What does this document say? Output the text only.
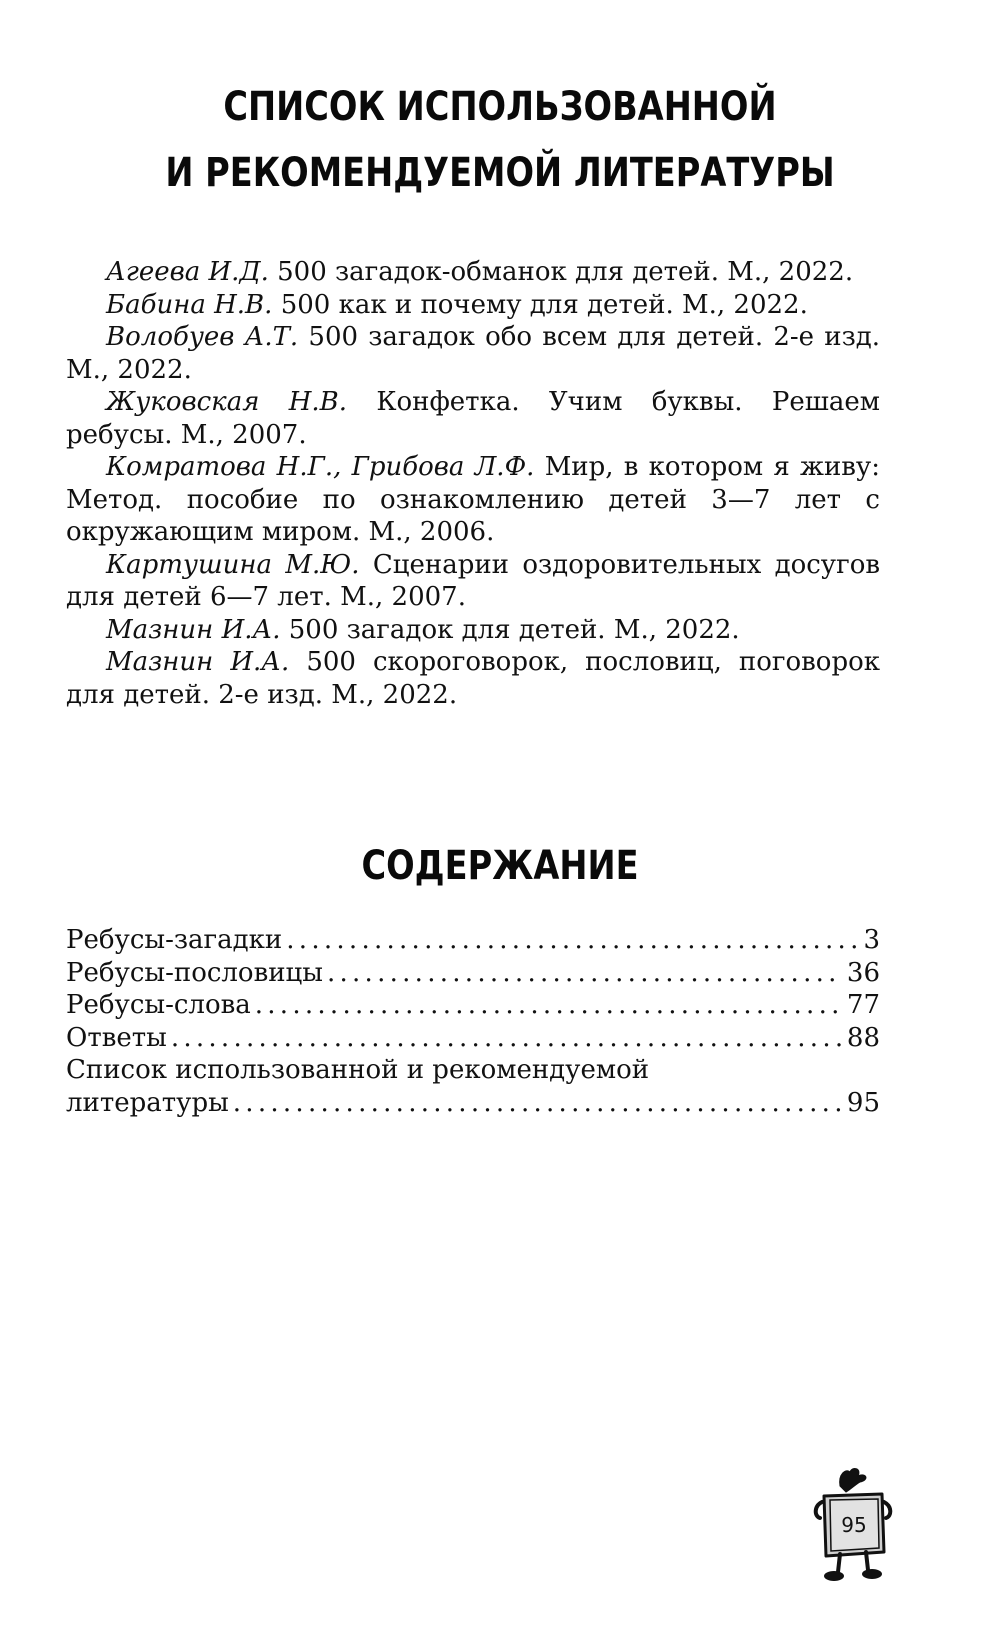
СПИСОК ИСПОЛЬЗОВАННОЙ
И РЕКОМЕНДУЕМОЙ ЛИТЕРАТУРЫ
Агеева И.Д. 500 загадок-обманок для детей. М., 2022.
Бабина Н.В. 500 как и почему для детей. М., 2022.
Волобуев А.Т. 500 загадок обо всем для детей. 2-е изд. М., 2022.
Жуковская Н.В. Конфетка. Учим буквы. Решаем ребусы. М., 2007.
Комратова Н.Г., Грибова Л.Ф. Мир, в котором я живу: Метод. пособие по ознакомлению детей 3—7 лет с окружающим миром. М., 2006.
Картушина М.Ю. Сценарии оздоровительных досугов для детей 6—7 лет. М., 2007.
Мазнин И.А. 500 загадок для детей. М., 2022.
Мазнин И.А. 500 скороговорок, пословиц, поговорок для детей. 2-е изд. М., 2022.
СОДЕРЖАНИЕ
Ребусы-загадки . . .	3
Ребусы-пословицы . . .	36
Ребусы-слова . . .	77
Ответы . . .	88
Список использованной и рекомендуемой
литературы . . .	95
95
